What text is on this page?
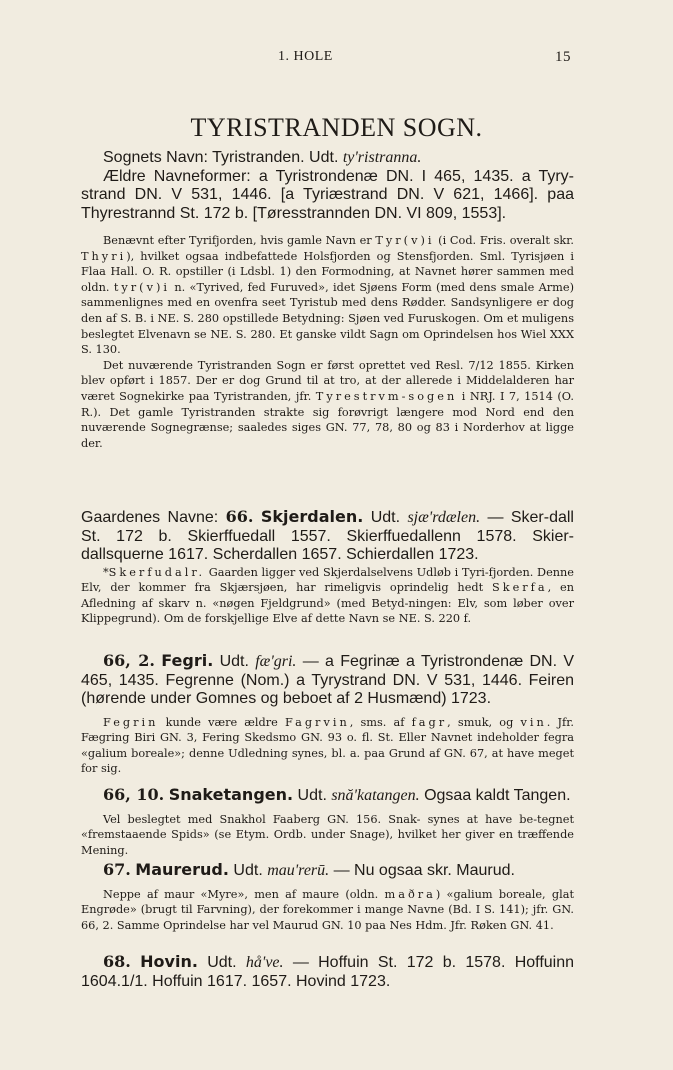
1. HOLE	15
TYRISTRANDEN SOGN.

Sognets Navn: Tyristranden. Udt. ty'ristranna.

Ældre Navneformer: a Tyristrondenæ DN. I 465, 1435. a Tyry-strand DN. V 531, 1446. [a Tyriæstrand DN. V 621, 1466]. paa Thyrestrannd St. 172 b. [Tøresstrannden DN. VI 809, 1553].

Benævnt efter Tyrifjorden, hvis gamle Navn er Tyr(v)i (i Cod. Fris. overalt skr. Thyri), hvilket ogsaa indbefattede Holsfjorden og Stensfjorden. Sml. Tyrisjøen i Flaa Hall. O. R. opstiller (i Ldsbl. 1) den Formodning, at Navnet hører sammen med oldn. tyr(v)i n. «Tyrived, fed Furuved», idet Sjøens Form (med dens smale Arme) sammenlignes med en ovenfra seet Tyristub med dens Rødder. Sandsynligere er dog den af S. B. i NE. S. 280 opstillede Betydning: Sjøen ved Furuskogen. Om et muligens beslegtet Elvenavn se NE. S. 280. Et ganske vildt Sagn om Oprindelsen hos Wiel XXX S. 130.

Det nuværende Tyristranden Sogn er først oprettet ved Resl. 7/12 1855. Kirken blev opført i 1857. Der er dog Grund til at tro, at der allerede i Middelalderen har været Sognekirke paa Tyristranden, jfr. Tyrestrvm-sogen i NRJ. I 7, 1514 (O. R.). Det gamle Tyristranden strakte sig forøvrigt længere mod Nord end den nuværende Sognegrænse; saaledes siges GN. 77, 78, 80 og 83 i Norderhov at ligge der.

Gaardenes Navne: 66. Skjerdalen. Udt. sjæ'rdælen. — Sker-dall St. 172 b. Skierffuedall 1557. Skierffuedallenn 1578. Skier-dallsquerne 1617. Scherdallen 1657. Schierdallen 1723.

*Skerfudalr. Gaarden ligger ved Skjerdalselvens Udløb i Tyri-fjorden. Denne Elv, der kommer fra Skjærsjøen, har rimeligvis oprindelig hedt Skerfa, en Afledning af skarv n. «nøgen Fjeldgrund» (med Betyd-ningen: Elv, som løber over Klippegrund). Om de forskjellige Elve af dette Navn se NE. S. 220 f.

66, 2. Fegri. Udt. fæ'gri. — a Fegrinæ a Tyristrondenæ DN. V 465, 1435. Fegrenne (Nom.) a Tyrystrand DN. V 531, 1446. Feiren (hørende under Gomnes og beboet af 2 Husmænd) 1723.

Fegrin kunde være ældre Fagrvin, sms. af fagr, smuk, og vin. Jfr. Fægring Biri GN. 3, Fering Skedsmo GN. 93 o. fl. St. Eller Navnet indeholder fegra «galium boreale»; denne Udledning synes, bl. a. paa Grund af GN. 67, at have meget for sig.

66, 10. Snaketangen. Udt. snă'katangen. Ogsaa kaldt Tangen.

Vel beslegtet med Snakhol Faaberg GN. 156. Snak- synes at have be-tegnet «fremstaaende Spids» (se Etym. Ordb. under Snage), hvilket her giver en træffende Mening.

67. Maurerud. Udt. mau'rerū. — Nu ogsaa skr. Maurud.

Neppe af maur «Myre», men af maure (oldn. maðra) «galium boreale, glat Engrøde» (brugt til Farvning), der forekommer i mange Navne (Bd. I S. 141); jfr. GN. 66, 2. Samme Oprindelse har vel Maurud GN. 10 paa Nes Hdm. Jfr. Røken GN. 41.

68. Hovin. Udt. hå've. — Hoffuin St. 172 b. 1578. Hoffuinn 1604.1/1. Hoffuin 1617. 1657. Hovind 1723.
